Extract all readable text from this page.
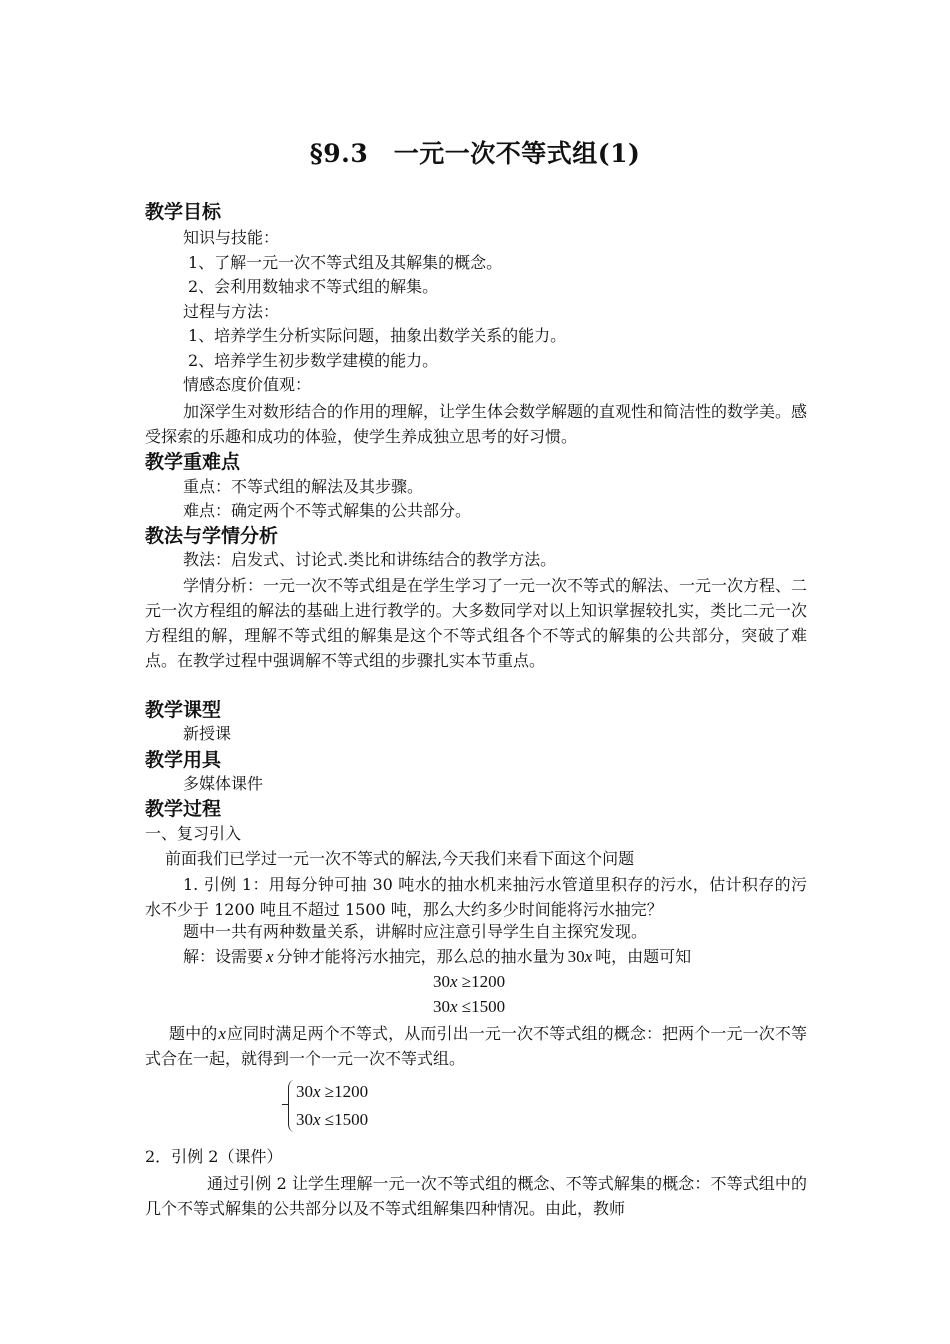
§9.3　一元一次不等式组(1)
教学目标
知识与技能：
1、了解一元一次不等式组及其解集的概念。
2、会利用数轴求不等式组的解集。
过程与方法：
1、培养学生分析实际问题，抽象出数学关系的能力。
2、培养学生初步数学建模的能力。
情感态度价值观：
加深学生对数形结合的作用的理解，让学生体会数学解题的直观性和简洁性的数学美。感受探索的乐趣和成功的体验，使学生养成独立思考的好习惯。
教学重难点
重点：不等式组的解法及其步骤。
难点：确定两个不等式解集的公共部分。
教法与学情分析
教法：启发式、讨论式.类比和讲练结合的教学方法。
学情分析：一元一次不等式组是在学生学习了一元一次不等式的解法、一元一次方程、二元一次方程组的解法的基础上进行教学的。大多数同学对以上知识掌握较扎实，类比二元一次方程组的解，理解不等式组的解集是这个不等式组各个不等式的解集的公共部分，突破了难点。在教学过程中强调解不等式组的步骤扎实本节重点。
教学课型
新授课
教学用具
多媒体课件
教学过程
一、复习引入
前面我们已学过一元一次不等式的解法,今天我们来看下面这个问题
1. 引例 1：用每分钟可抽 30 吨水的抽水机来抽污水管道里积存的污水，估计积存的污水不少于 1200 吨且不超过 1500 吨，那么大约多少时间能将污水抽完？
题中一共有两种数量关系，讲解时应注意引导学生自主探究发现。
解：设需要 x 分钟才能将污水抽完，那么总的抽水量为 30x 吨，由题可知
30x ≥1200
30x ≤1500
题中的x应同时满足两个不等式，从而引出一元一次不等式组的概念：把两个一元一次不等式合在一起，就得到一个一元一次不等式组。
30x ≥1200
30x ≤1500
2．引例 2（课件）
通过引例 2 让学生理解一元一次不等式组的概念、不等式解集的概念：不等式组中的几个不等式解集的公共部分以及不等式组解集四种情况。由此，教师
